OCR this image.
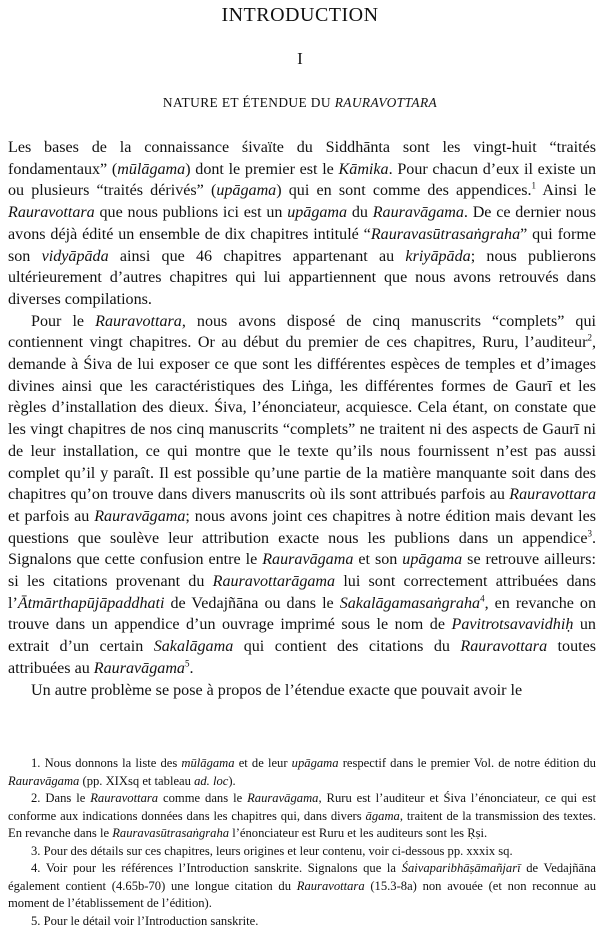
INTRODUCTION
I
NATURE ET ÉTENDUE DU RAURAVOTTARA

Les bases de la connaissance śivaïte du Siddhānta sont les vingt-huit “traités fondamentaux” (mūlāgama) dont le premier est le Kāmika. Pour chacun d’eux il existe un ou plusieurs “traités dérivés” (upāgama) qui en sont comme des appendices.$^1$ Ainsi le Rauravottara que nous publions ici est un upāgama du Rauravāgama. De ce dernier nous avons déjà édité un ensemble de dix chapitres intitulé “Rauravasūtrasaṅgraha” qui forme son vidyāpāda ainsi que 46 chapitres appartenant au kriyāpāda; nous publierons ultérieurement d’autres chapitres qui lui appartiennent que nous avons retrouvés dans diverses compilations.

Pour le Rauravottara, nous avons disposé de cinq manuscrits “complets” qui contiennent vingt chapitres. Or au début du premier de ces chapitres, Ruru, l’auditeur$^2$, demande à Śiva de lui exposer ce que sont les différentes espèces de temples et d’images divines ainsi que les caractéristiques des Liṅga, les différentes formes de Gaurī et les règles d’installation des dieux. Śiva, l’énonciateur, acquiesce. Cela étant, on constate que les vingt chapitres de nos cinq manuscrits “complets” ne traitent ni des aspects de Gaurī ni de leur installation, ce qui montre que le texte qu’ils nous fournissent n’est pas aussi complet qu’il y paraît. Il est possible qu’une partie de la matière manquante soit dans des chapitres qu’on trouve dans divers manuscrits où ils sont attribués parfois au Rauravottara et parfois au Rauravāgama; nous avons joint ces chapitres à notre édition mais devant les questions que soulève leur attribution exacte nous les publions dans un appendice$^3$. Signalons que cette confusion entre le Rauravāgama et son upāgama se retrouve ailleurs: si les citations provenant du Rauravottarāgama lui sont correctement attribuées dans l’Ātmārthapūjāpaddhati de Vedajñāna ou dans le Sakalāgamasaṅgraha$^4$, en revanche on trouve dans un appendice d’un ouvrage imprimé sous le nom de Pavitrotsavavidhiḥ un extrait d’un certain Sakalāgama qui contient des citations du Rauravottara toutes attribuées au Rauravāgama$^5$.

Un autre problème se pose à propos de l’étendue exacte que pouvait avoir le

1. Nous donnons la liste des mūlāgama et de leur upāgama respectif dans le premier Vol. de notre édition du Rauravāgama (pp. XIXsq et tableau ad. loc).

2. Dans le Rauravottara comme dans le Rauravāgama, Ruru est l’auditeur et Śiva l’énonciateur, ce qui est conforme aux indications données dans les chapitres qui, dans divers āgama, traitent de la transmission des textes. En revanche dans le Rauravasūtrasaṅgraha l’énonciateur est Ruru et les auditeurs sont les Ṛṣi.

3. Pour des détails sur ces chapitres, leurs origines et leur contenu, voir ci-dessous pp. xxxix sq.

4. Voir pour les références l’Introduction sanskrite. Signalons que la Śaivaparibhāṣāmañjarī de Vedajñāna également contient (4.65b-70) une longue citation du Rauravottara (15.3-8a) non avouée (et non reconnue au moment de l’établissement de l’édition).

5. Pour le détail voir l’Introduction sanskrite.
